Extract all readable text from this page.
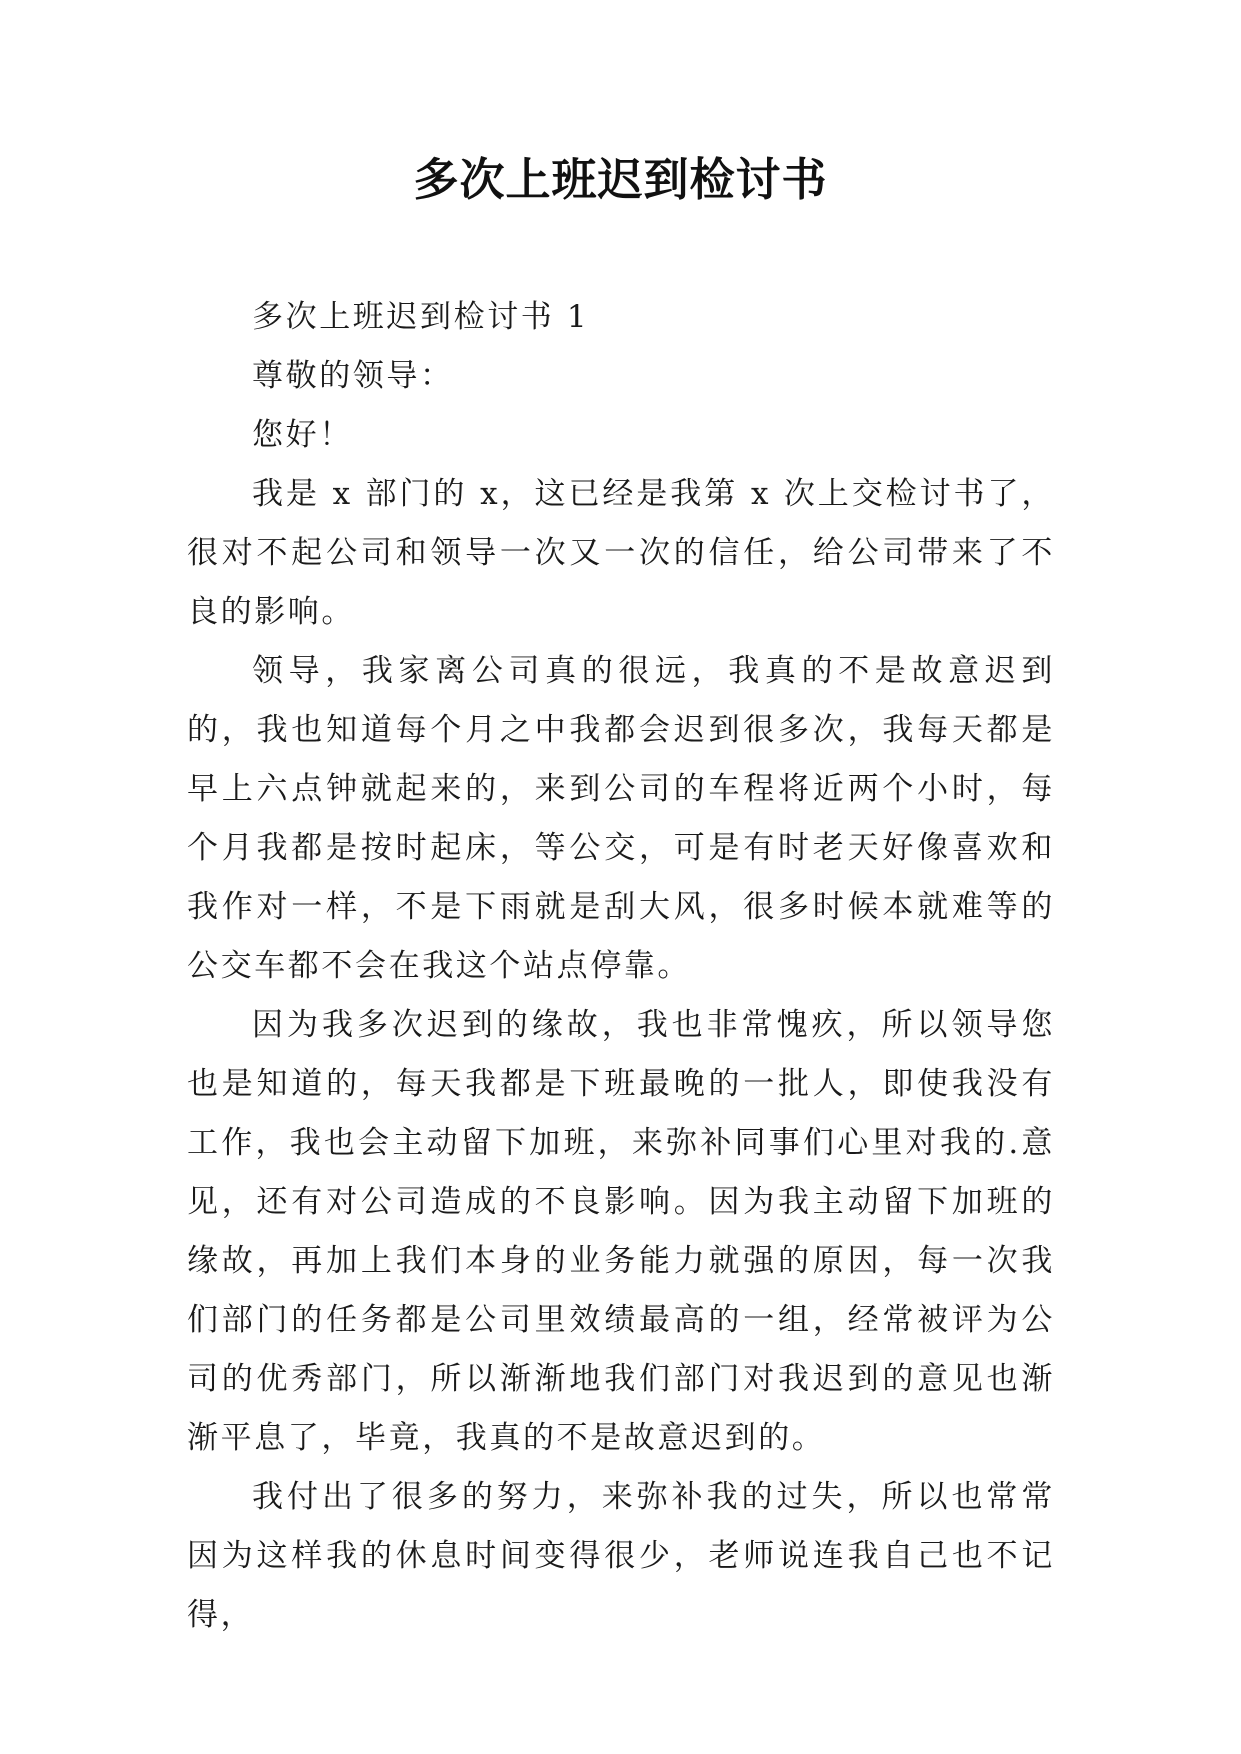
多次上班迟到检讨书

多次上班迟到检讨书 1

尊敬的领导：

您好！

我是 x 部门的 x，这已经是我第 x 次上交检讨书了，很对不起公司和领导一次又一次的信任，给公司带来了不良的影响。

领导，我家离公司真的很远，我真的不是故意迟到的，我也知道每个月之中我都会迟到很多次，我每天都是早上六点钟就起来的，来到公司的车程将近两个小时，每个月我都是按时起床，等公交，可是有时老天好像喜欢和我作对一样，不是下雨就是刮大风，很多时候本就难等的公交车都不会在我这个站点停靠。

因为我多次迟到的缘故，我也非常愧疚，所以领导您也是知道的，每天我都是下班最晚的一批人，即使我没有工作，我也会主动留下加班，来弥补同事们心里对我的.意见，还有对公司造成的不良影响。因为我主动留下加班的缘故，再加上我们本身的业务能力就强的原因，每一次我们部门的任务都是公司里效绩最高的一组，经常被评为公司的优秀部门，所以渐渐地我们部门对我迟到的意见也渐渐平息了，毕竟，我真的不是故意迟到的。

我付出了很多的努力，来弥补我的过失，所以也常常因为这样我的休息时间变得很少，老师说连我自己也不记得，
